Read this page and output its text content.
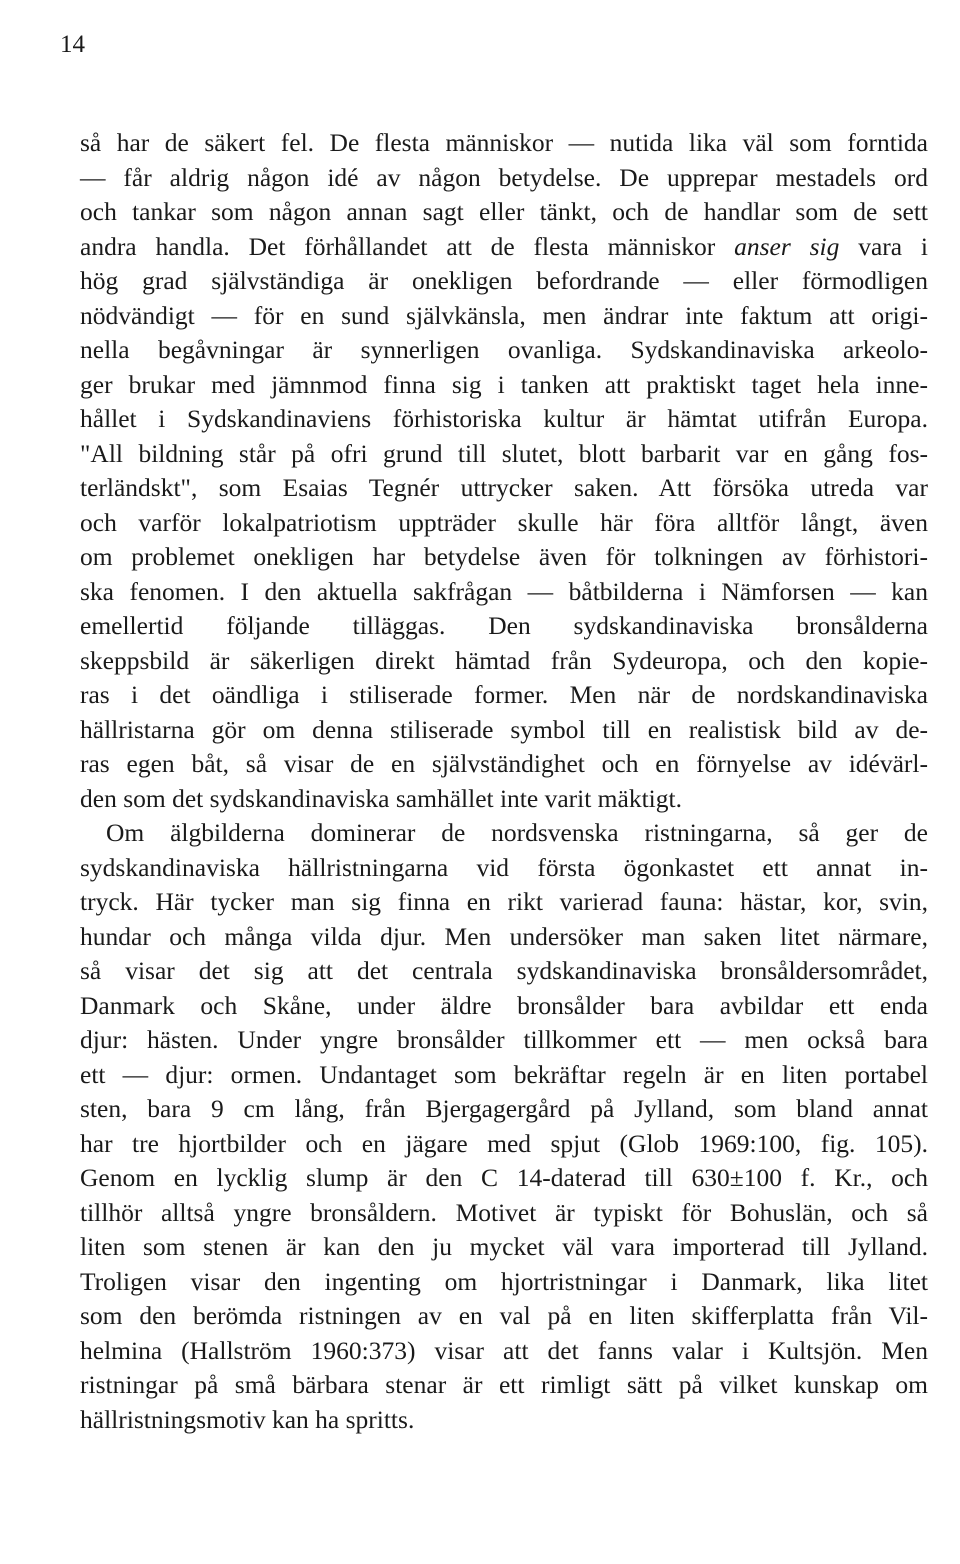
14
så har de säkert fel. De flesta människor — nutida lika väl som forntida
— får aldrig någon idé av någon betydelse. De upprepar mestadels ord
och tankar som någon annan sagt eller tänkt, och de handlar som de sett
andra handla. Det förhållandet att de flesta människor anser sig vara i
hög grad självständiga är onekligen befordrande — eller förmodligen
nödvändigt — för en sund självkänsla, men ändrar inte faktum att origi-
nella begåvningar är synnerligen ovanliga. Sydskandinaviska arkeolo-
ger brukar med jämnmod finna sig i tanken att praktiskt taget hela inne-
hållet i Sydskandinaviens förhistoriska kultur är hämtat utifrån Europa.
"All bildning står på ofri grund till slutet, blott barbarit var en gång fos-
terländskt", som Esaias Tegnér uttrycker saken. Att försöka utreda var
och varför lokalpatriotism uppträder skulle här föra alltför långt, även
om problemet onekligen har betydelse även för tolkningen av förhistori-
ska fenomen. I den aktuella sakfrågan — båtbilderna i Nämforsen — kan
emellertid följande tilläggas. Den sydskandinaviska bronsålderna
skeppsbild är säkerligen direkt hämtad från Sydeuropa, och den kopie-
ras i det oändliga i stiliserade former. Men när de nordskandinaviska
hällristarna gör om denna stiliserade symbol till en realistisk bild av de-
ras egen båt, så visar de en självständighet och en förnyelse av idévärl-
den som det sydskandinaviska samhället inte varit mäktigt.
Om älgbilderna dominerar de nordsvenska ristningarna, så ger de
sydskandinaviska hällristningarna vid första ögonkastet ett annat in-
tryck. Här tycker man sig finna en rikt varierad fauna: hästar, kor, svin,
hundar och många vilda djur. Men undersöker man saken litet närmare,
så visar det sig att det centrala sydskandinaviska bronsåldersområdet,
Danmark och Skåne, under äldre bronsålder bara avbildar ett enda
djur: hästen. Under yngre bronsålder tillkommer ett — men också bara
ett — djur: ormen. Undantaget som bekräftar regeln är en liten portabel
sten, bara 9 cm lång, från Bjergagergård på Jylland, som bland annat
har tre hjortbilder och en jägare med spjut (Glob 1969:100, fig. 105).
Genom en lycklig slump är den C 14-daterad till 630±100 f. Kr., och
tillhör alltså yngre bronsåldern. Motivet är typiskt för Bohuslän, och så
liten som stenen är kan den ju mycket väl vara importerad till Jylland.
Troligen visar den ingenting om hjortristningar i Danmark, lika litet
som den berömda ristningen av en val på en liten skifferplatta från Vil-
helmina (Hallström 1960:373) visar att det fanns valar i Kultsjön. Men
ristningar på små bärbara stenar är ett rimligt sätt på vilket kunskap om
hällristningsmotiv kan ha spritts.
